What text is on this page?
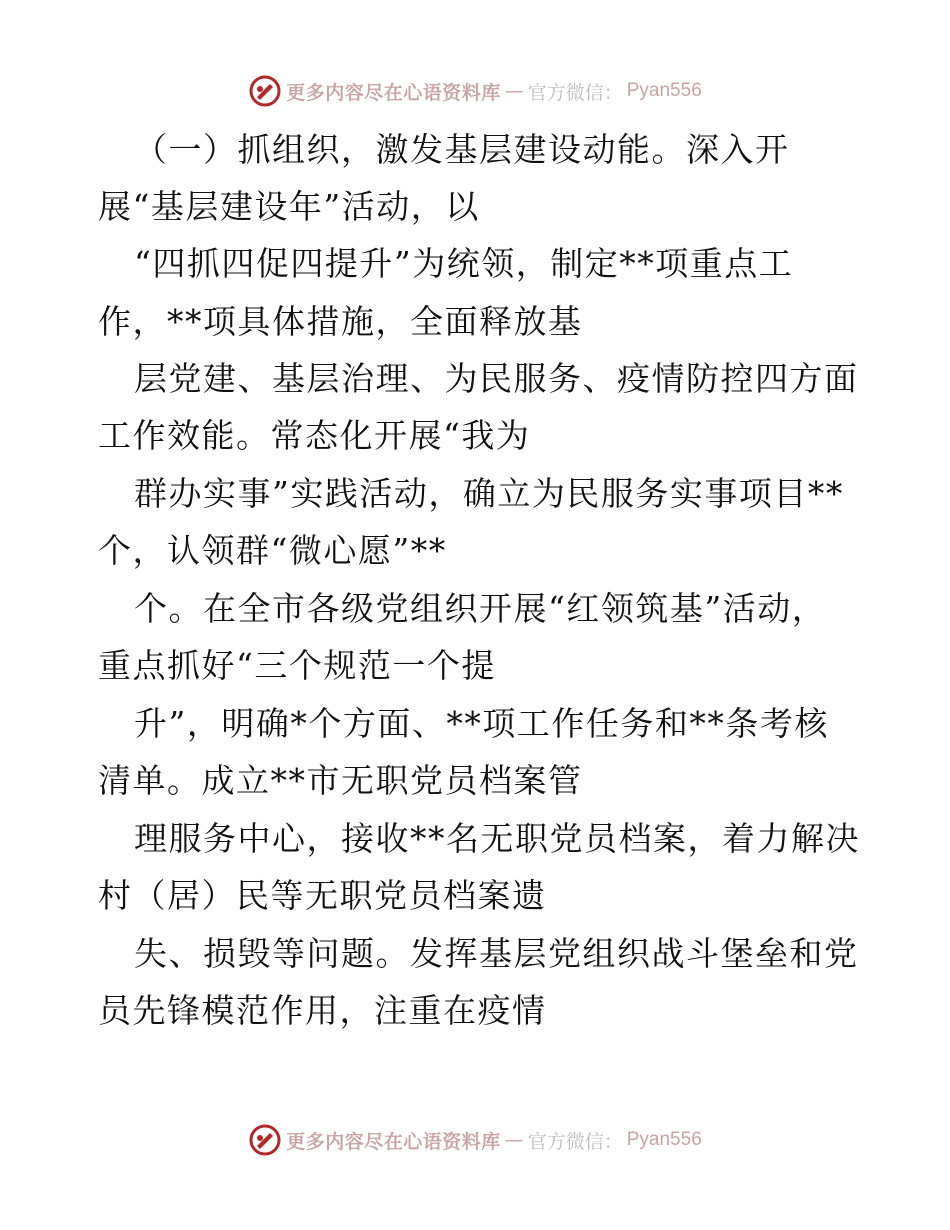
更多内容尽在心语资料库 — 官方微信： Pyan556
（一）抓组织，激发基层建设动能。深入开
展“基层建设年”活动，以
“四抓四促四提升”为统领，制定**项重点工
作，**项具体措施，全面释放基
层党建、基层治理、为民服务、疫情防控四方面
工作效能。常态化开展“我为
群办实事”实践活动，确立为民服务实事项目**
个，认领群“微心愿”**
个。在全市各级党组织开展“红领筑基”活动，
重点抓好“三个规范一个提
升”，明确*个方面、**项工作任务和**条考核
清单。成立**市无职党员档案管
理服务中心，接收**名无职党员档案，着力解决
村（居）民等无职党员档案遗
失、损毁等问题。发挥基层党组织战斗堡垒和党
员先锋模范作用，注重在疫情
更多内容尽在心语资料库 — 官方微信： Pyan556
